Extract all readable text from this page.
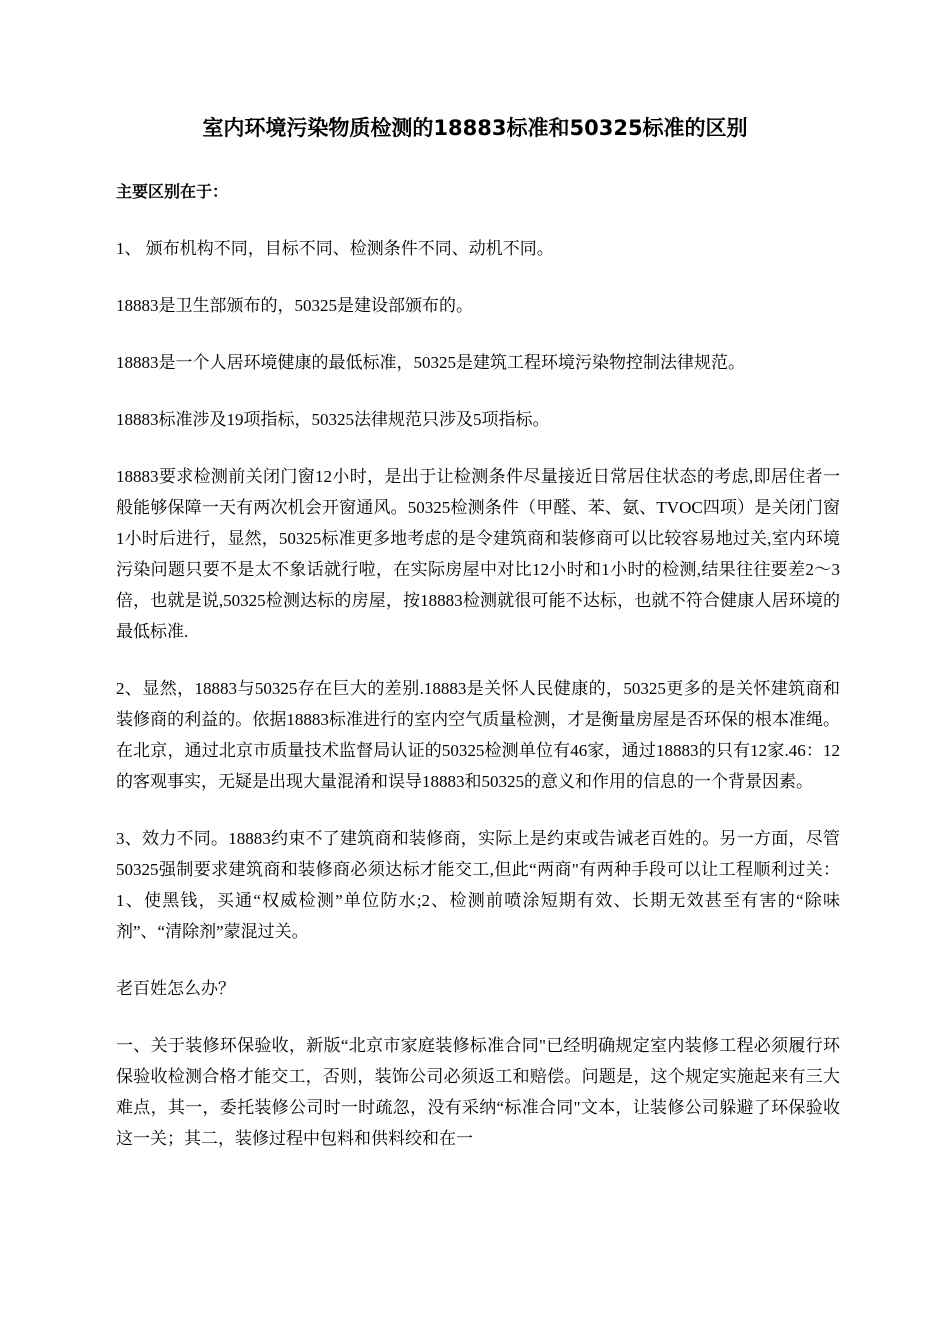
室内环境污染物质检测的18883标准和50325标准的区别

主要区别在于：

1、 颁布机构不同，目标不同、检测条件不同、动机不同。

18883是卫生部颁布的，50325是建设部颁布的。

18883是一个人居环境健康的最低标准，50325是建筑工程环境污染物控制法律规范。

18883标准涉及19项指标，50325法律规范只涉及5项指标。

18883要求检测前关闭门窗12小时，是出于让检测条件尽量接近日常居住状态的考虑,即居住者一般能够保障一天有两次机会开窗通风。50325检测条件（甲醛、苯、氨、TVOC四项）是关闭门窗1小时后进行，显然，50325标准更多地考虑的是令建筑商和装修商可以比较容易地过关,室内环境污染问题只要不是太不象话就行啦，在实际房屋中对比12小时和1小时的检测,结果往往要差2～3倍，也就是说,50325检测达标的房屋，按18883检测就很可能不达标，也就不符合健康人居环境的最低标准.

2、显然，18883与50325存在巨大的差别.18883是关怀人民健康的，50325更多的是关怀建筑商和装修商的利益的。依据18883标准进行的室内空气质量检测，才是衡量房屋是否环保的根本准绳。在北京，通过北京市质量技术监督局认证的50325检测单位有46家，通过18883的只有12家.46：12的客观事实，无疑是出现大量混淆和误导18883和50325的意义和作用的信息的一个背景因素。

3、效力不同。18883约束不了建筑商和装修商，实际上是约束或告诫老百姓的。另一方面，尽管50325强制要求建筑商和装修商必须达标才能交工,但此“两商"有两种手段可以让工程顺利过关：1、使黑钱，买通“权威检测”单位防水;2、检测前喷涂短期有效、长期无效甚至有害的“除味剂”、“清除剂”蒙混过关。

老百姓怎么办？

一、关于装修环保验收，新版“北京市家庭装修标准合同"已经明确规定室内装修工程必须履行环保验收检测合格才能交工，否则，装饰公司必须返工和赔偿。问题是，这个规定实施起来有三大难点，其一，委托装修公司时一时疏忽，没有采纳“标准合同"文本，让装修公司躲避了环保验收这一关；其二，装修过程中包料和供料绞和在一
